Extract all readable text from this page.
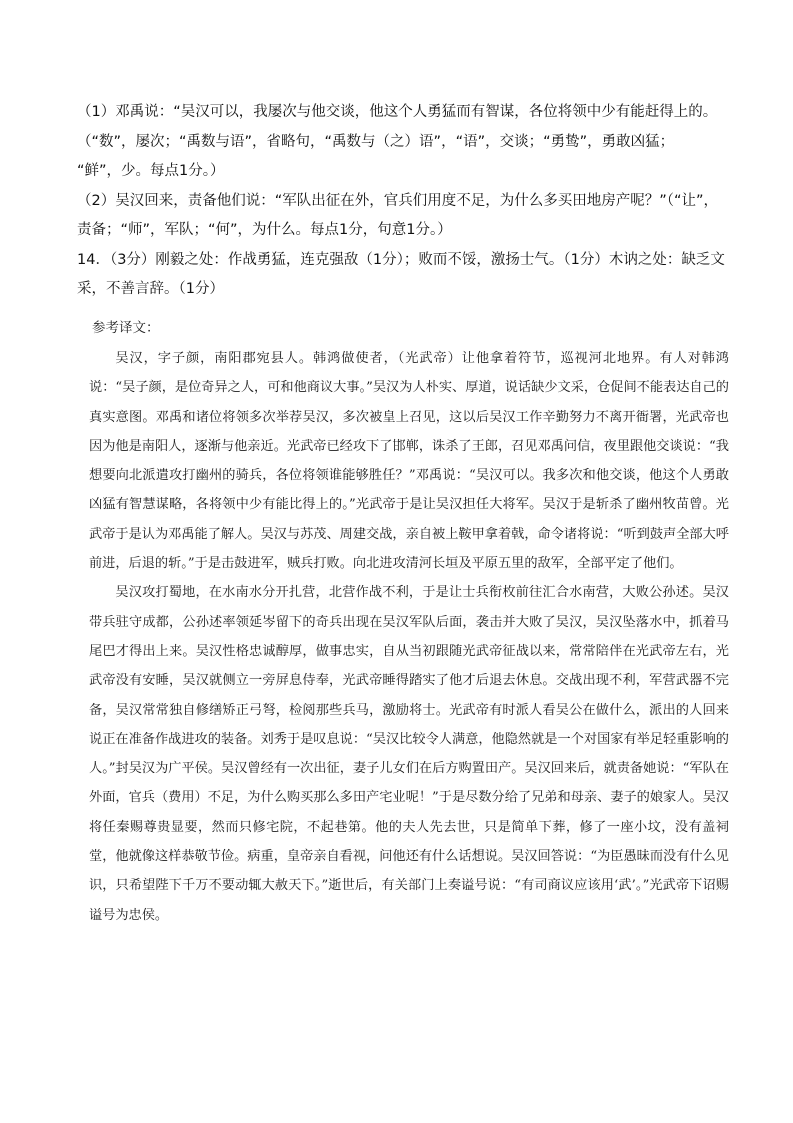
（1）邓禹说：“吴汉可以，我屡次与他交谈，他这个人勇猛而有智谋，各位将领中少有能赶得上的。

（“数”，屡次；“禹数与语”，省略句，“禹数与（之）语”，“语”，交谈；“勇鸷”，勇敢凶猛；

“鲜”，少。每点1分。）

（2）吴汉回来，责备他们说：“军队出征在外，官兵们用度不足，为什么多买田地房产呢？”（“让”，

责备；“师”，军队；“何”，为什么。每点1分，句意1分。）

14．（3分）刚毅之处：作战勇猛，连克强敌（1分）；败而不馁，激扬士气。（1分）木讷之处：缺乏文

采，不善言辞。（1分）

参考译文：

吴汉，字子颜，南阳郡宛县人。韩鸿做使者，（光武帝）让他拿着符节，巡视河北地界。有人对韩鸿说：“吴子颜，是位奇异之人，可和他商议大事。”吴汉为人朴实、厚道，说话缺少文采，仓促间不能表达自己的真实意图。邓禹和诸位将领多次举荐吴汉，多次被皇上召见，这以后吴汉工作辛勤努力不离开衙署，光武帝也因为他是南阳人，逐渐与他亲近。光武帝已经攻下了邯郸，诛杀了王郎，召见邓禹问信，夜里跟他交谈说：“我想要向北派遣攻打幽州的骑兵，各位将领谁能够胜任？”邓禹说：“吴汉可以。我多次和他交谈，他这个人勇敢凶猛有智慧谋略，各将领中少有能比得上的。”光武帝于是让吴汉担任大将军。吴汉于是斩杀了幽州牧苗曾。光武帝于是认为邓禹能了解人。吴汉与苏茂、周建交战，亲自被上鞍甲拿着戟，命令诸将说：“听到鼓声全部大呼前进，后退的斩。”于是击鼓进军，贼兵打败。向北进攻清河长垣及平原五里的敌军，全部平定了他们。

吴汉攻打蜀地，在水南水分开扎营，北营作战不利，于是让士兵衔枚前往汇合水南营，大败公孙述。吴汉带兵驻守成都，公孙述率领延岑留下的奇兵出现在吴汉军队后面，袭击并大败了吴汉，吴汉坠落水中，抓着马尾巴才得出上来。吴汉性格忠诚醇厚，做事忠实，自从当初跟随光武帝征战以来，常常陪伴在光武帝左右，光武帝没有安睡，吴汉就侧立一旁屏息侍奉，光武帝睡得踏实了他才后退去休息。交战出现不利，军营武器不完备，吴汉常常独自修缮矫正弓弩，检阅那些兵马，激励将士。光武帝有时派人看吴公在做什么，派出的人回来说正在准备作战进攻的装备。刘秀于是叹息说：“吴汉比较令人满意，他隐然就是一个对国家有举足轻重影响的人。”封吴汉为广平侯。吴汉曾经有一次出征，妻子儿女们在后方购置田产。吴汉回来后，就责备她说：“军队在外面，官兵（费用）不足，为什么购买那么多田产宅业呢！”于是尽数分给了兄弟和母亲、妻子的娘家人。吴汉将任秦赐尊贵显要，然而只修宅院，不起巷第。他的夫人先去世，只是简单下葬，修了一座小坟，没有盖祠堂，他就像这样恭敬节俭。病重，皇帝亲自看视，问他还有什么话想说。吴汉回答说：“为臣愚昧而没有什么见识，只希望陛下千万不要动辄大赦天下。”逝世后，有关部门上奏谥号说：“有司商议应该用‘武’。”光武帝下诏赐谥号为忠侯。
